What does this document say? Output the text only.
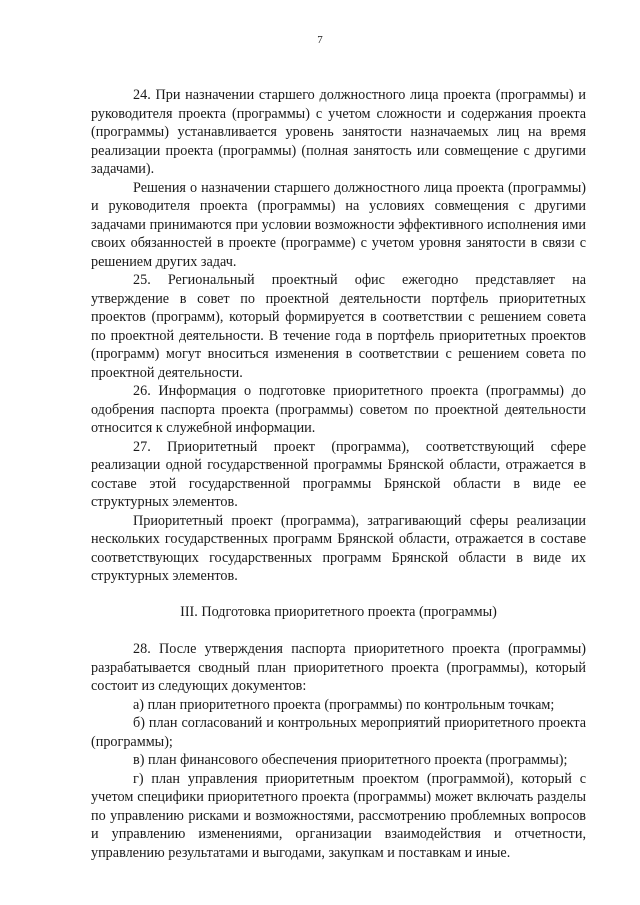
7

24. При назначении старшего должностного лица проекта (программы) и руководителя проекта (программы) с учетом сложности и содержания проекта (программы) устанавливается уровень занятости назначаемых лиц на время реализации проекта (программы) (полная занятость или совмещение с другими задачами).

Решения о назначении старшего должностного лица проекта (программы) и руководителя проекта (программы) на условиях совмещения с другими задачами принимаются при условии возможности эффективного исполнения ими своих обязанностей в проекте (программе) с учетом уровня занятости в связи с решением других задач.

25. Региональный проектный офис ежегодно представляет на утверждение в совет по проектной деятельности портфель приоритетных проектов (программ), который формируется в соответствии с решением совета по проектной деятельности. В течение года в портфель приоритетных проектов (программ) могут вноситься изменения в соответствии с решением совета по проектной деятельности.

26. Информация о подготовке приоритетного проекта (программы) до одобрения паспорта проекта (программы) советом по проектной деятельности относится к служебной информации.

27. Приоритетный проект (программа), соответствующий сфере реализации одной государственной программы Брянской области, отражается в составе этой государственной программы Брянской области в виде ее структурных элементов.

Приоритетный проект (программа), затрагивающий сферы реализации нескольких государственных программ Брянской области, отражается в составе соответствующих государственных программ Брянской области в виде их структурных элементов.

III. Подготовка приоритетного проекта (программы)

28. После утверждения паспорта приоритетного проекта (программы) разрабатывается сводный план приоритетного проекта (программы), который состоит из следующих документов:

а) план приоритетного проекта (программы) по контрольным точкам;

б) план согласований и контрольных мероприятий приоритетного проекта (программы);

в) план финансового обеспечения приоритетного проекта (программы);

г) план управления приоритетным проектом (программой), который с учетом специфики приоритетного проекта (программы) может включать разделы по управлению рисками и возможностями, рассмотрению проблемных вопросов и управлению изменениями, организации взаимодействия и отчетности, управлению результатами и выгодами, закупкам и поставкам и иные.
